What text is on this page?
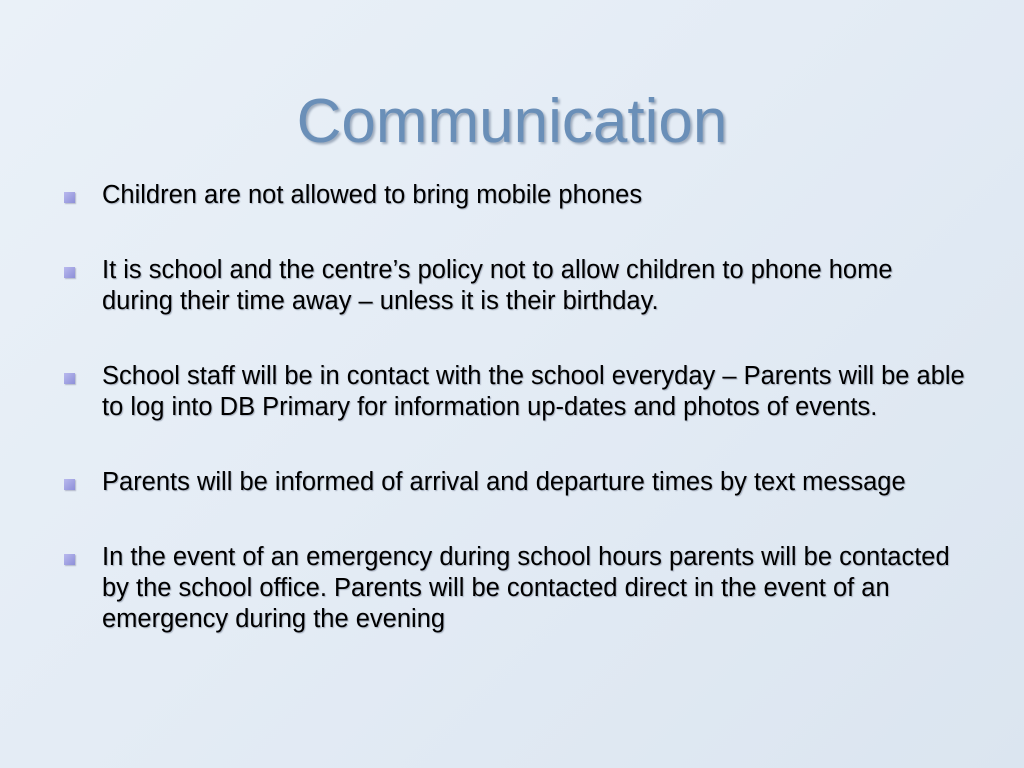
Communication
Children are not allowed to bring mobile phones
It is school and the centre’s policy not to allow children to phone home during their time away – unless it is their birthday.
School staff will be in contact with the school everyday – Parents will be able to log into DB Primary for information up-dates and photos of events.
Parents will be informed of arrival and departure times by text message
In the event of an emergency during school hours parents will be contacted by the school office. Parents will be contacted direct in the event of an emergency during the evening
